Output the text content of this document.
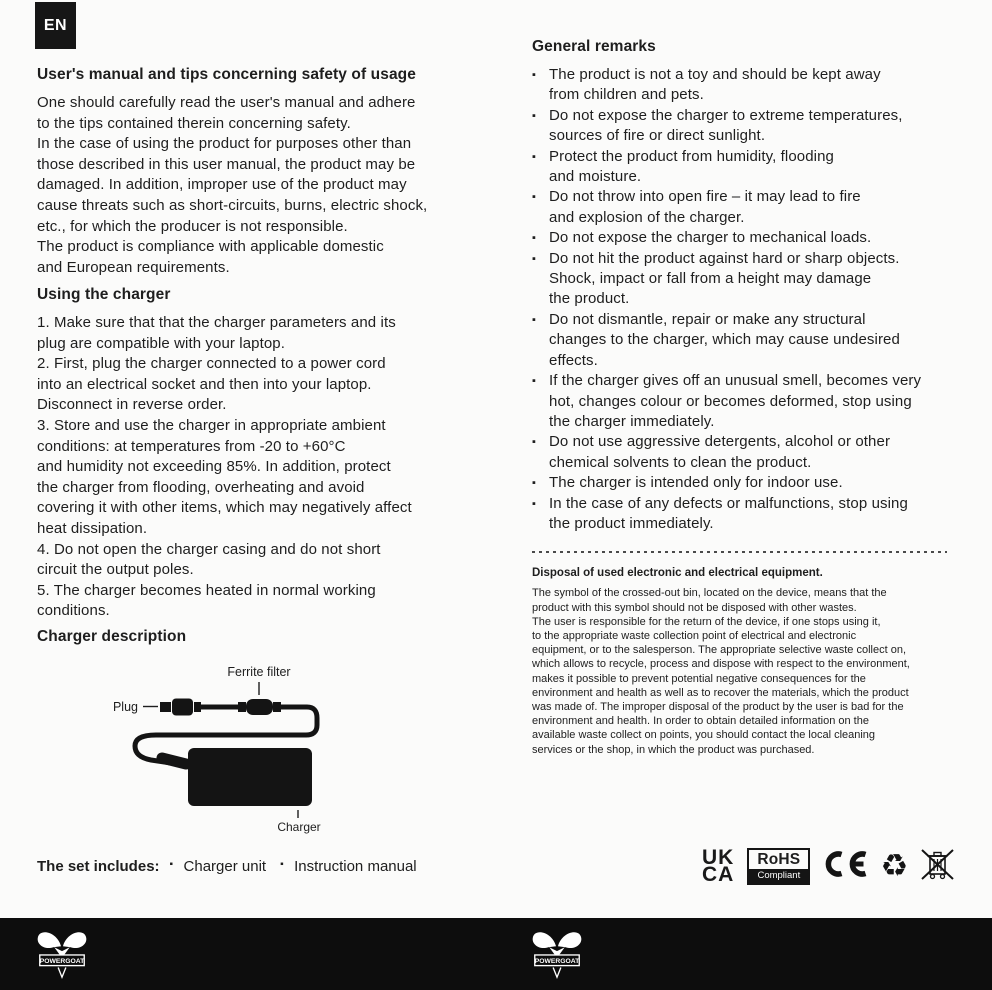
EN
User's manual and tips concerning safety of usage

One should carefully read the user's manual and adhere
to the tips contained therein concerning safety.
In the case of using the product for purposes other than
those described in this user manual, the product may be
damaged. In addition, improper use of the product may
cause threats such as short-circuits, burns, electric shock,
etc., for which the producer is not responsible.
The product is compliance with applicable domestic
and European requirements.

Using the charger

1. Make sure that that the charger parameters and its
plug are compatible with your laptop.
2. First, plug the charger connected to a power cord
into an electrical socket and then into your laptop.
Disconnect in reverse order.
3. Store and use the charger in appropriate ambient
conditions: at temperatures from -20 to +60°C
and humidity not exceeding 85%. In addition, protect
the charger from flooding, overheating and avoid
covering it with other items, which may negatively affect
heat dissipation.
4. Do not open the charger casing and do not short
circuit the output poles.
5. The charger becomes heated in normal working
conditions.

Charger description
Ferrite filter
Plug
Charger
The set includes: ▪ Charger unit ▪ Instruction manual
General remarks
▪ The product is not a toy and should be kept away
from children and pets.
▪ Do not expose the charger to extreme temperatures,
sources of fire or direct sunlight.
▪ Protect the product from humidity, flooding
and moisture.
▪ Do not throw into open fire – it may lead to fire
and explosion of the charger.
▪ Do not expose the charger to mechanical loads.
▪ Do not hit the product against hard or sharp objects.
Shock, impact or fall from a height may damage
the product.
▪ Do not dismantle, repair or make any structural
changes to the charger, which may cause undesired
effects.
▪ If the charger gives off an unusual smell, becomes very
hot, changes colour or becomes deformed, stop using
the charger immediately.
▪ Do not use aggressive detergents, alcohol or other
chemical solvents to clean the product.
▪ The charger is intended only for indoor use.
▪ In the case of any defects or malfunctions, stop using
the product immediately.
Disposal of used electronic and electrical equipment.

The symbol of the crossed-out bin, located on the device, means that the
product with this symbol should not be disposed with other wastes.
The user is responsible for the return of the device, if one stops using it,
to the appropriate waste collection point of electrical and electronic
equipment, or to the salesperson. The appropriate selective waste collect on,
which allows to recycle, process and dispose with respect to the environment,
makes it possible to prevent potential negative consequences for the
environment and health as well as to recover the materials, which the product
was made of. The improper disposal of the product by the user is bad for the
environment and health. In order to obtain detailed information on the
available waste collect on points, you should contact the local cleaning
services or the shop, in which the product was purchased.

UK
CA
RoHS
Compliant	♻
POWERGOAT	POWERGOAT
